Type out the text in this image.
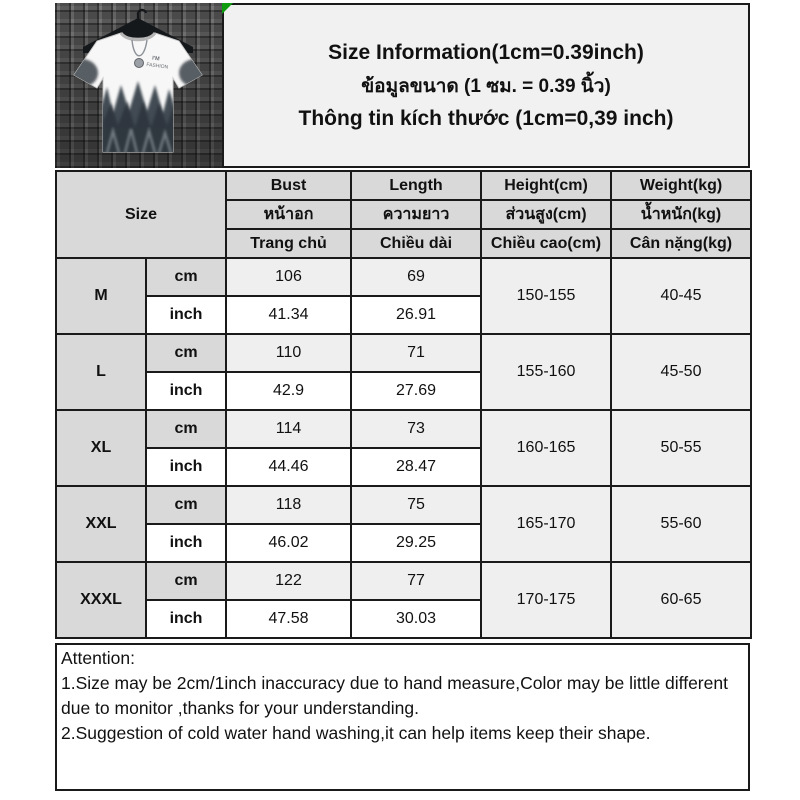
I'M
FASHION
Size Information(1cm=0.39inch)
ข้อมูลขนาด (1 ซม. = 0.39 นิ้ว)
Thông tin kích thước (1cm=0,39 inch)
Size		Bust	Length	Height(cm)	Weight(kg)
		หน้าอก	ความยาว	ส่วนสูง(cm)	น้ำหนัก(kg)
		Trang chủ	Chiều dài	Chiều cao(cm)	Cân nặng(kg)
M	cm	106	69	150-155	40-45
	inch	41.34	26.91		
L	cm	110	71	155-160	45-50
	inch	42.9	27.69		
XL	cm	114	73	160-165	50-55
	inch	44.46	28.47		
XXL	cm	118	75	165-170	55-60
	inch	46.02	29.25		
XXXL	cm	122	77	170-175	60-65
	inch	47.58	30.03		
Attention:
1.Size may be 2cm/1inch inaccuracy due to hand measure,Color may be little different due to monitor ,thanks for your understanding.
2.Suggestion of cold water hand washing,it can help items keep their shape.
